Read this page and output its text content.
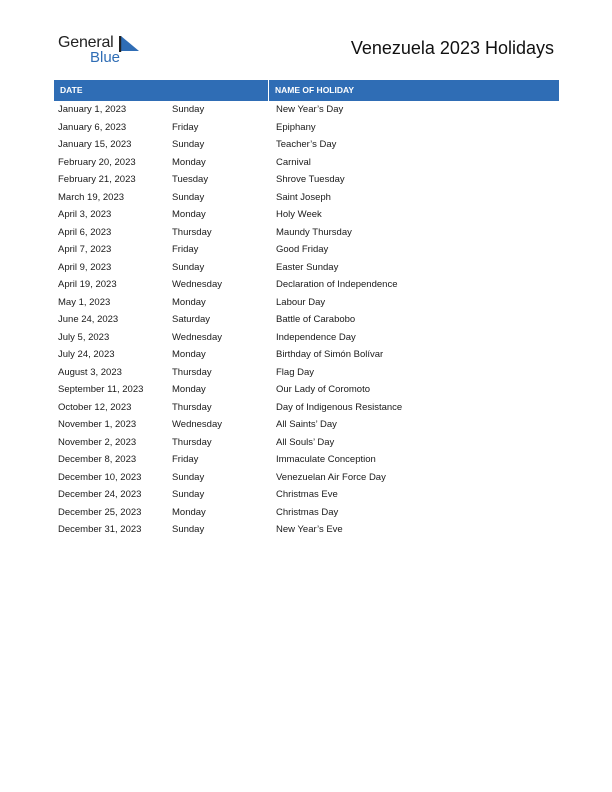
General
Blue	Venezuela 2023 Holidays
DATE	NAME OF HOLIDAY
January 1, 2023	Sunday	New Year’s Day
January 6, 2023	Friday	Epiphany
January 15, 2023	Sunday	Teacher’s Day
February 20, 2023	Monday	Carnival
February 21, 2023	Tuesday	Shrove Tuesday
March 19, 2023	Sunday	Saint Joseph
April 3, 2023	Monday	Holy Week
April 6, 2023	Thursday	Maundy Thursday
April 7, 2023	Friday	Good Friday
April 9, 2023	Sunday	Easter Sunday
April 19, 2023	Wednesday	Declaration of Independence
May 1, 2023	Monday	Labour Day
June 24, 2023	Saturday	Battle of Carabobo
July 5, 2023	Wednesday	Independence Day
July 24, 2023	Monday	Birthday of Simón Bolívar
August 3, 2023	Thursday	Flag Day
September 11, 2023	Monday	Our Lady of Coromoto
October 12, 2023	Thursday	Day of Indigenous Resistance
November 1, 2023	Wednesday	All Saints’ Day
November 2, 2023	Thursday	All Souls’ Day
December 8, 2023	Friday	Immaculate Conception
December 10, 2023	Sunday	Venezuelan Air Force Day
December 24, 2023	Sunday	Christmas Eve
December 25, 2023	Monday	Christmas Day
December 31, 2023	Sunday	New Year’s Eve
